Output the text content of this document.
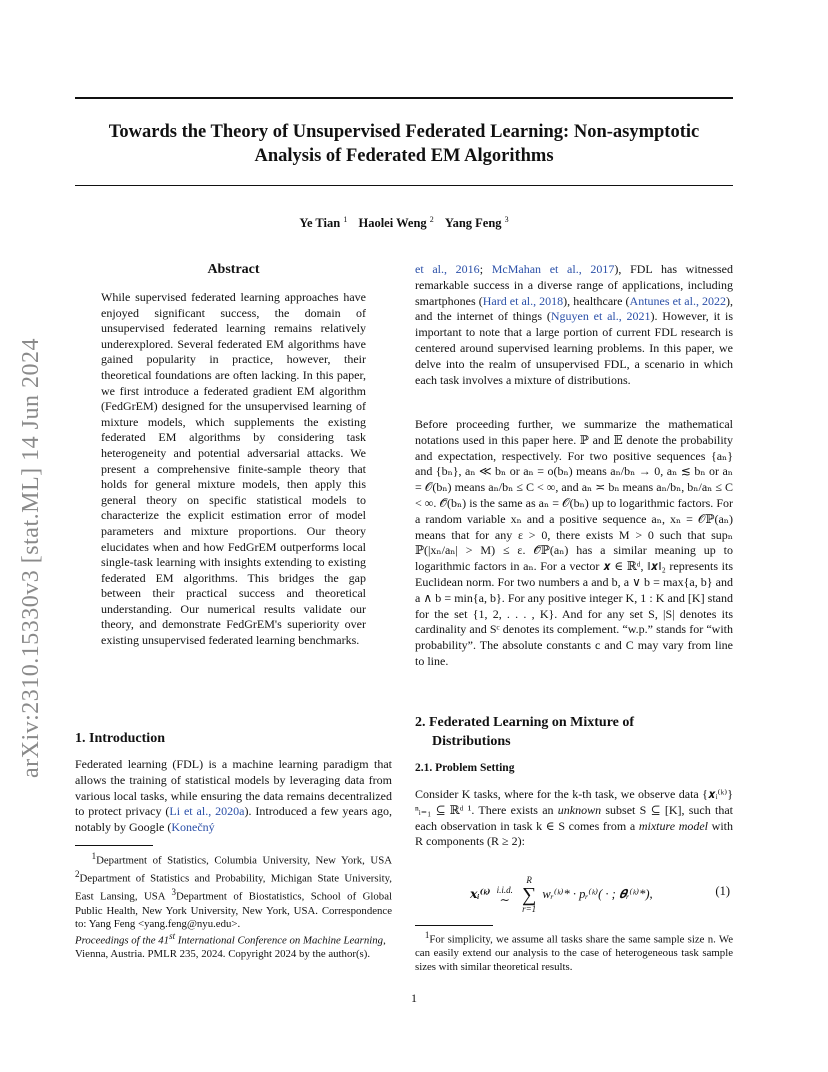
Towards the Theory of Unsupervised Federated Learning: Non-asymptotic
Analysis of Federated EM Algorithms
Ye Tian $^1$ Haolei Weng $^2$ Yang Feng $^3$
arXiv:2310.15330v3 [stat.ML] 14 Jun 2024
Abstract
While supervised federated learning approaches have enjoyed significant success, the domain of unsupervised federated learning remains relatively underexplored. Several federated EM algorithms have gained popularity in practice, however, their theoretical foundations are often lacking. In this paper, we first introduce a federated gradient EM algorithm (FedGrEM) designed for the unsupervised learning of mixture models, which supplements the existing federated EM algorithms by considering task heterogeneity and potential adversarial attacks. We present a comprehensive finite-sample theory that holds for general mixture models, then apply this general theory on specific statistical models to characterize the explicit estimation error of model parameters and mixture proportions. Our theory elucidates when and how FedGrEM outperforms local single-task learning with insights extending to existing federated EM algorithms. This bridges the gap between their practical success and theoretical understanding. Our numerical results validate our theory, and demonstrate FedGrEM's superiority over existing unsupervised federated learning benchmarks.
1. Introduction
Federated learning (FDL) is a machine learning paradigm that allows the training of statistical models by leveraging data from various local tasks, while ensuring the data remains decentralized to protect privacy (Li et al., 2020a). Introduced a few years ago, notably by Google (Konečný
$^1$Department of Statistics, Columbia University, New York, USA $^2$Department of Statistics and Probability, Michigan State University, East Lansing, USA $^3$Department of Biostatistics, School of Global Public Health, New York University, New York, USA. Correspondence to: Yang Feng <yang.feng@nyu.edu>.
Proceedings of the 41st International Conference on Machine Learning, Vienna, Austria. PMLR 235, 2024. Copyright 2024 by the author(s).
et al., 2016; McMahan et al., 2017), FDL has witnessed remarkable success in a diverse range of applications, including smartphones (Hard et al., 2018), healthcare (Antunes et al., 2022), and the internet of things (Nguyen et al., 2021). However, it is important to note that a large portion of current FDL research is centered around supervised learning problems. In this paper, we delve into the realm of unsupervised FDL, a scenario in which each task involves a mixture of distributions.
Before proceeding further, we summarize the mathematical notations used in this paper here. ℙ and 𝔼 denote the probability and expectation, respectively. For two positive sequences {aₙ} and {bₙ}, aₙ ≪ bₙ or aₙ = o(bₙ) means aₙ/bₙ → 0, aₙ ≲ bₙ or aₙ = 𝒪(bₙ) means aₙ/bₙ ≤ C < ∞, and aₙ ≍ bₙ means aₙ/bₙ, bₙ/aₙ ≤ C < ∞. 𝒪̃(bₙ) is the same as aₙ = 𝒪(bₙ) up to logarithmic factors. For a random variable xₙ and a positive sequence aₙ, xₙ = 𝒪ℙ(aₙ) means that for any ε > 0, there exists M > 0 such that supₙ ℙ(|xₙ/aₙ| > M) ≤ ε. 𝒪̃ℙ(aₙ) has a similar meaning up to logarithmic factors in aₙ. For a vector 𝒙 ∈ ℝᵈ, ‖𝒙‖₂ represents its Euclidean norm. For two numbers a and b, a ∨ b = max{a, b} and a ∧ b = min{a, b}. For any positive integer K, 1 : K and [K] stand for the set {1, 2, . . . , K}. And for any set S, |S| denotes its cardinality and Sᶜ denotes its complement. “w.p.” stands for “with probability”. The absolute constants c and C may vary from line to line.
2. Federated Learning on Mixture of
Distributions
2.1. Problem Setting
Consider K tasks, where for the k-th task, we observe data {𝒙ᵢ⁽ᵏ⁾}ⁿᵢ₌₁ ⊆ ℝᵈ ¹. There exists an unknown subset S ⊆ [K], such that each observation in task k ∈ S comes from a mixture model with R components (R ≥ 2):
𝒙ᵢ⁽ᵏ⁾ i.i.d.
∼

R
∑
r=1
wᵣ⁽ᵏ⁾* · pᵣ⁽ᵏ⁾( · ; 𝜽ᵣ⁽ᵏ⁾*),	(1)
$^1$For simplicity, we assume all tasks share the same sample size n. We can easily extend our analysis to the case of heterogeneous task sample sizes with similar theoretical results.
1
